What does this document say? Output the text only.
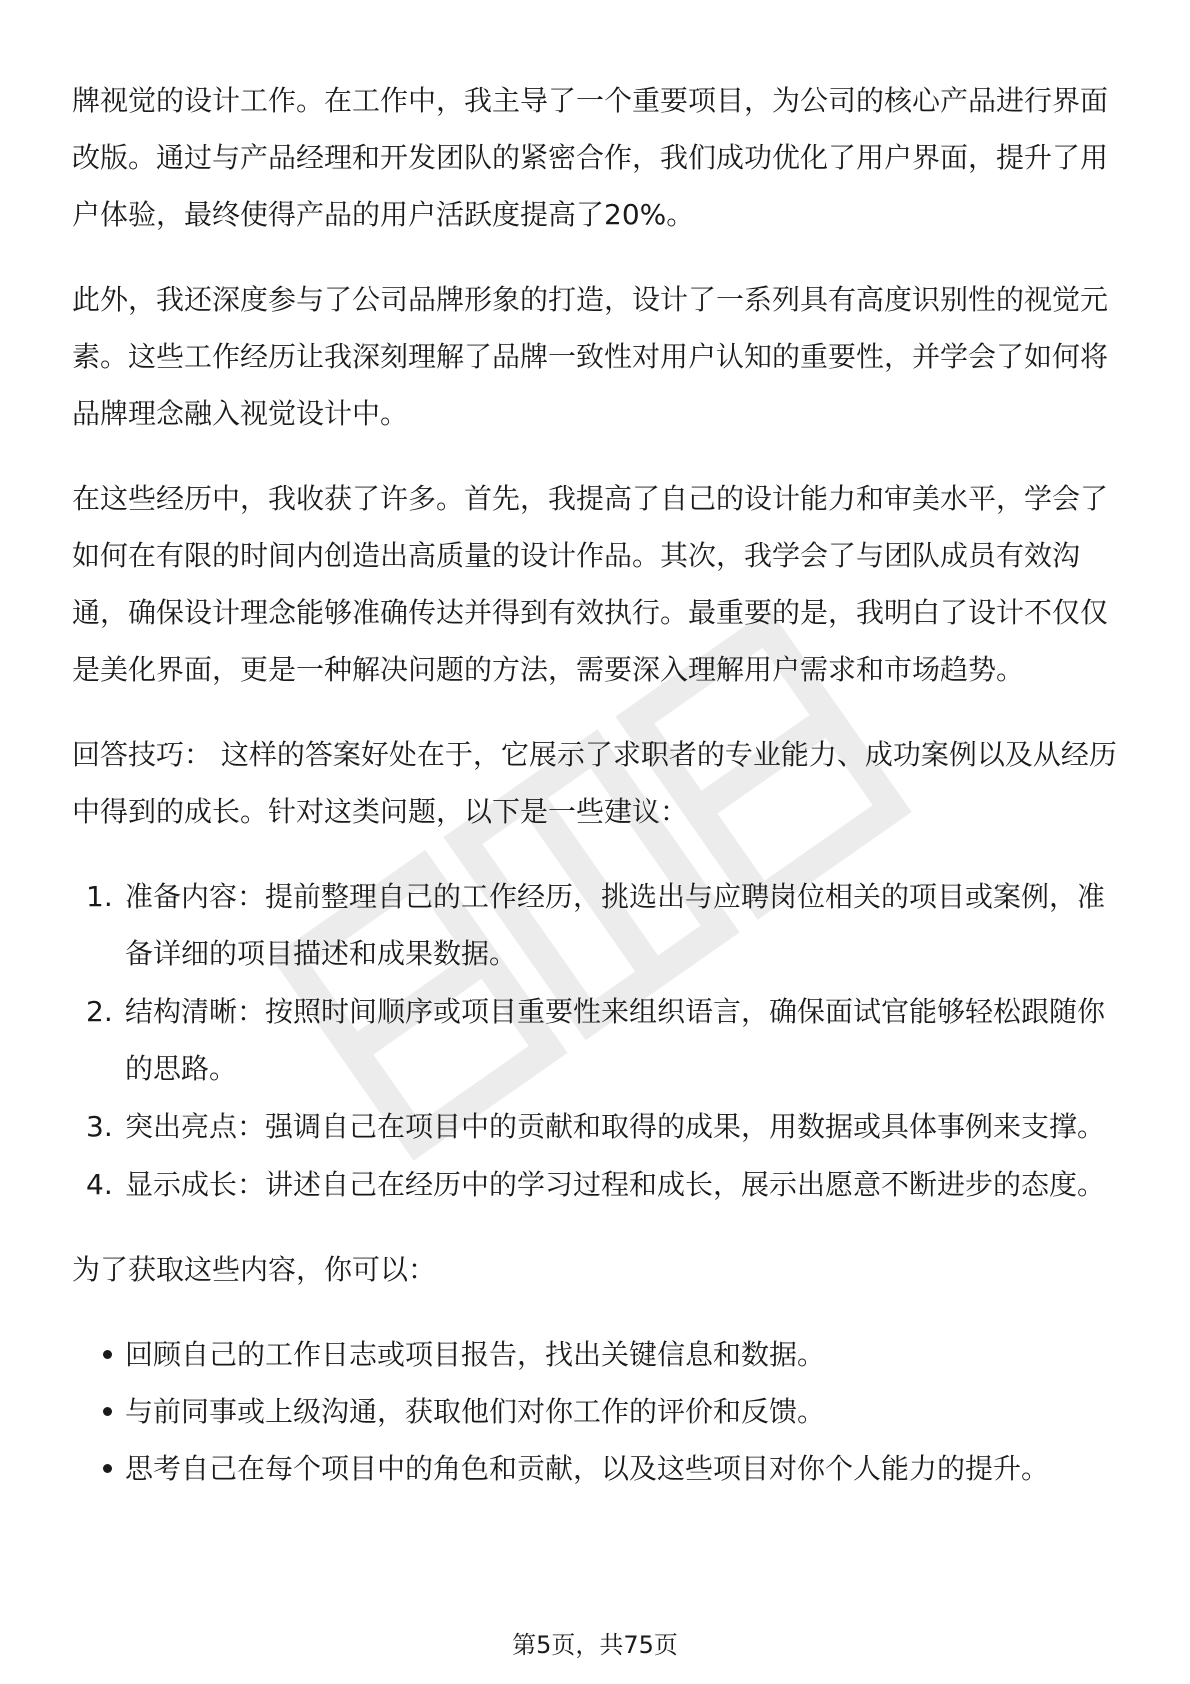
牌视觉的设计工作。在工作中，我主导了一个重要项目，为公司的核心产品进行界面改版。通过与产品经理和开发团队的紧密合作，我们成功优化了用户界面，提升了用户体验，最终使得产品的用户活跃度提高了20%。

此外，我还深度参与了公司品牌形象的打造，设计了一系列具有高度识别性的视觉元素。这些工作经历让我深刻理解了品牌一致性对用户认知的重要性，并学会了如何将品牌理念融入视觉设计中。

在这些经历中，我收获了许多。首先，我提高了自己的设计能力和审美水平，学会了如何在有限的时间内创造出高质量的设计作品。其次，我学会了与团队成员有效沟通，确保设计理念能够准确传达并得到有效执行。最重要的是，我明白了设计不仅仅是美化界面，更是一种解决问题的方法，需要深入理解用户需求和市场趋势。

回答技巧： 这样的答案好处在于，它展示了求职者的专业能力、成功案例以及从经历中得到的成长。针对这类问题，以下是一些建议：

1. 准备内容：提前整理自己的工作经历，挑选出与应聘岗位相关的项目或案例，准备详细的项目描述和成果数据。
2. 结构清晰：按照时间顺序或项目重要性来组织语言，确保面试官能够轻松跟随你的思路。
3. 突出亮点：强调自己在项目中的贡献和取得的成果，用数据或具体事例来支撑。
4. 显示成长：讲述自己在经历中的学习过程和成长，展示出愿意不断进步的态度。

为了获取这些内容，你可以：

回顾自己的工作日志或项目报告，找出关键信息和数据。
与前同事或上级沟通，获取他们对你工作的评价和反馈。
思考自己在每个项目中的角色和贡献，以及这些项目对你个人能力的提升。
第5页，共75页
